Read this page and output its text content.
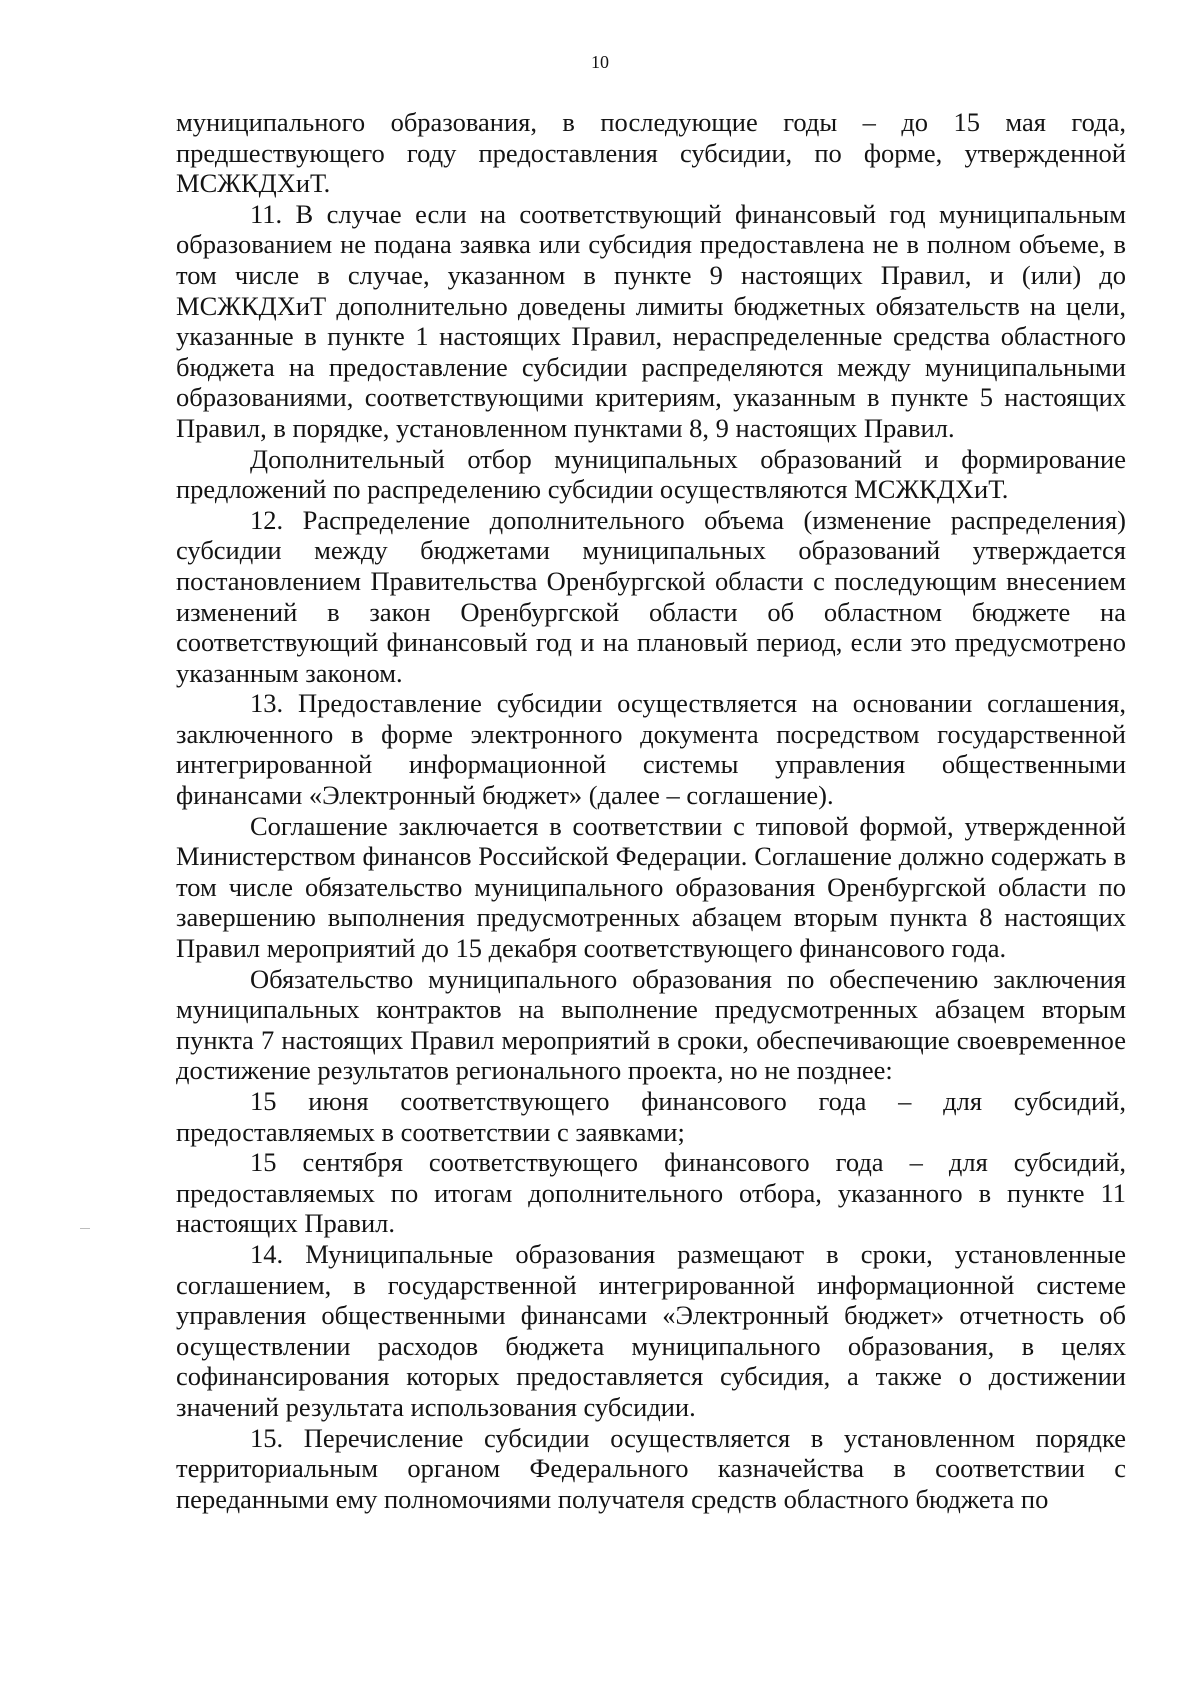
10

муниципального образования, в последующие годы – до 15 мая года, предшествующего году предоставления субсидии, по форме, утвержденной МСЖКДХиТ.

11. В случае если на соответствующий финансовый год муниципальным образованием не подана заявка или субсидия предоставлена не в полном объеме, в том числе в случае, указанном в пункте 9 настоящих Правил, и (или) до МСЖКДХиТ дополнительно доведены лимиты бюджетных обязательств на цели, указанные в пункте 1 настоящих Правил, нераспределенные средства областного бюджета на предоставление субсидии распределяются между муниципальными образованиями, соответствующими критериям, указанным в пункте 5 настоящих Правил, в порядке, установленном пунктами 8, 9 настоящих Правил.

Дополнительный отбор муниципальных образований и формирование предложений по распределению субсидии осуществляются МСЖКДХиТ.

12. Распределение дополнительного объема (изменение распределения) субсидии между бюджетами муниципальных образований утверждается постановлением Правительства Оренбургской области с последующим внесением изменений в закон Оренбургской области об областном бюджете на соответствующий финансовый год и на плановый период, если это предусмотрено указанным законом.

13. Предоставление субсидии осуществляется на основании соглашения, заключенного в форме электронного документа посредством государственной интегрированной информационной системы управления общественными финансами «Электронный бюджет» (далее – соглашение).

Соглашение заключается в соответствии с типовой формой, утвержденной Министерством финансов Российской Федерации. Соглашение должно содержать в том числе обязательство муниципального образования Оренбургской области по завершению выполнения предусмотренных абзацем вторым пункта 8 настоящих Правил мероприятий до 15 декабря соответствующего финансового года.

Обязательство муниципального образования по обеспечению заключения муниципальных контрактов на выполнение предусмотренных абзацем вторым пункта 7 настоящих Правил мероприятий в сроки, обеспечивающие своевременное достижение результатов регионального проекта, но не позднее:

15 июня соответствующего финансового года – для субсидий, предоставляемых в соответствии с заявками;

15 сентября соответствующего финансового года – для субсидий, предоставляемых по итогам дополнительного отбора, указанного в пункте 11 настоящих Правил.

14. Муниципальные образования размещают в сроки, установленные соглашением, в государственной интегрированной информационной системе управления общественными финансами «Электронный бюджет» отчетность об осуществлении расходов бюджета муниципального образования, в целях софинансирования которых предоставляется субсидия, а также о достижении значений результата использования субсидии.

15. Перечисление субсидии осуществляется в установленном порядке территориальным органом Федерального казначейства в соответствии с переданными ему полномочиями получателя средств областного бюджета по
